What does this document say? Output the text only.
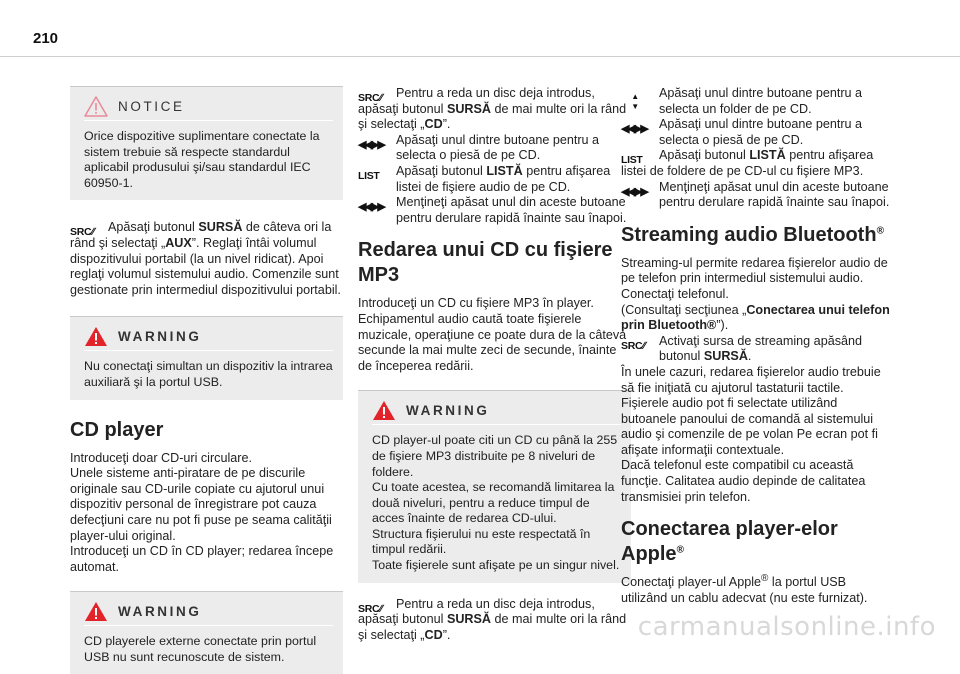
210
NOTICE

Orice dispozitive suplimentare conectate la sistem trebuie să respecte standardul aplicabil produsului şi/sau standardul IEC 60950-1.

SRC∕∕	Apăsaţi butonul SURSĂ de câteva ori la rând şi selectaţi „AUX”. Reglaţi întâi volumul dispozitivului portabil (la un nivel ridicat). Apoi reglaţi volumul sistemului audio. Comenzile sunt gestionate prin intermediul dispozitivului portabil.

WARNING

Nu conectaţi simultan un dispozitiv la intrarea auxiliară şi la portul USB.

CD player

Introduceţi doar CD-uri circulare.
Unele sisteme anti-piratare de pe discurile originale sau CD-urile copiate cu ajutorul unui dispozitiv personal de înregistrare pot cauza defecţiuni care nu pot fi puse pe seama calităţii player-ului original.
Introduceţi un CD în CD player; redarea începe automat.

WARNING

CD playerele externe conectate prin portul USB nu sunt recunoscute de sistem.

SRC∕∕	Pentru a reda un disc deja introdus, apăsaţi butonul SURSĂ de mai multe ori la rând şi selectaţi „CD”.

◀◀▶▶ Apăsaţi unul dintre butoane pentru a selecta o piesă de pe CD.

LIST	Apăsaţi butonul LISTĂ pentru afişarea listei de fişiere audio de pe CD.

◀◀▶▶ Menţineţi apăsat unul din aceste butoane pentru derulare rapidă înainte sau înapoi.

Redarea unui CD cu fişiere MP3

Introduceţi un CD cu fişiere MP3 în player. Echipamentul audio caută toate fişierele muzicale, operaţiune ce poate dura de la câteva secunde la mai multe zeci de secunde, înainte de începerea redării.

WARNING

CD player-ul poate citi un CD cu până la 255 de fişiere MP3 distribuite pe 8 niveluri de foldere.
Cu toate acestea, se recomandă limitarea la două niveluri, pentru a reduce timpul de acces înainte de redarea CD-ului.
Structura fişierului nu este respectată în timpul redării.
Toate fişierele sunt afişate pe un singur nivel.

SRC∕∕	Pentru a reda un disc deja introdus, apăsaţi butonul SURSĂ de mai multe ori la rând şi selectaţi „CD”.

▲
▼

Apăsaţi unul dintre butoane pentru a selecta un folder de pe CD.

◀◀▶▶ Apăsaţi unul dintre butoane pentru a selecta o piesă de pe CD.

LIST	Apăsaţi butonul LISTĂ pentru afişarea listei de foldere de pe CD-ul cu fişiere MP3.

◀◀▶▶ Menţineţi apăsat unul din aceste butoane pentru derulare rapidă înainte sau înapoi.

Streaming audio Bluetooth®

Streaming-ul permite redarea fişierelor audio de pe telefon prin intermediul sistemului audio.
Conectaţi telefonul.

(Consultaţi secţiunea „Conectarea unui telefon prin Bluetooth®”).

SRC∕∕	Activaţi sursa de streaming apăsând butonul SURSĂ.

În unele cazuri, redarea fişierelor audio trebuie să fie iniţiată cu ajutorul tastaturii tactile.
Fişierele audio pot fi selectate utilizând butoanele panoului de comandă al sistemului audio şi comenzile de pe volan Pe ecran pot fi afişate informaţii contextuale.
Dacă telefonul este compatibil cu această funcţie. Calitatea audio depinde de calitatea transmisiei prin telefon.

Conectarea player-elor Apple®

Conectaţi player-ul Apple® la portul USB utilizând un cablu adecvat (nu este furnizat).

carmanualsonline.info
